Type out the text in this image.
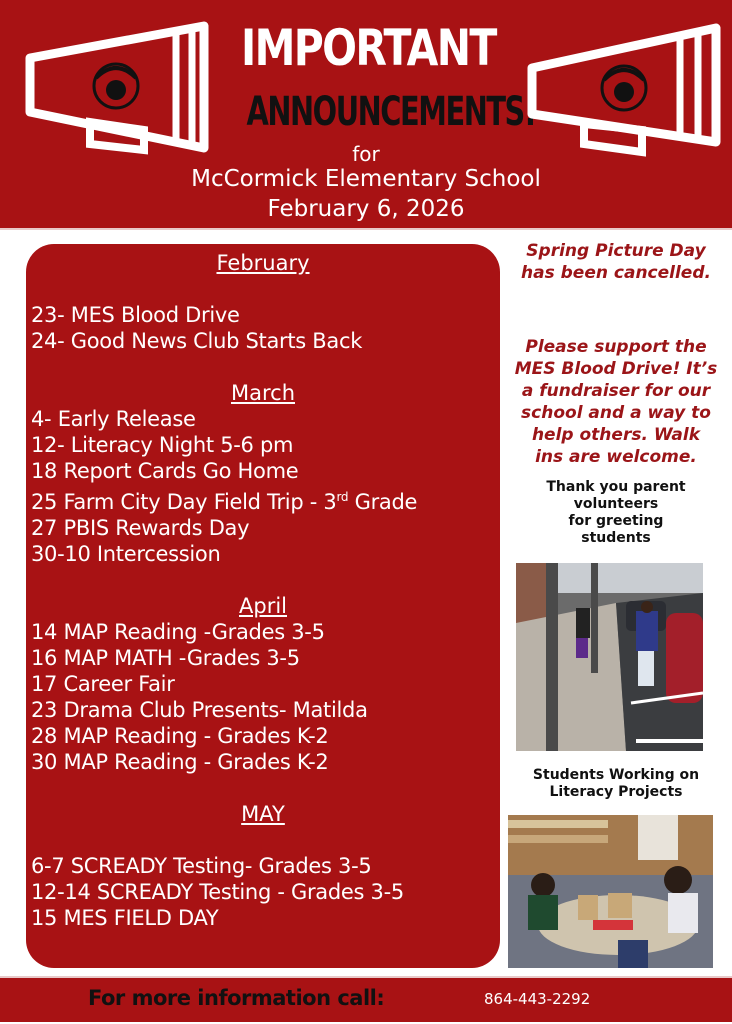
IMPORTANT
ANNOUNCEMENTS!
for
McCormick Elementary School
February 6, 2026
February
23- MES Blood Drive
24- Good News Club Starts Back
March
4- Early Release
12- Literacy Night 5-6 pm
18 Report Cards Go Home
25 Farm City Day Field Trip - 3rd Grade
27 PBIS Rewards Day
30-10 Intercession
April
14 MAP Reading -Grades 3-5
16 MAP MATH -Grades 3-5
17 Career Fair
23 Drama Club Presents- Matilda
28 MAP Reading - Grades K-2
30 MAP Reading - Grades K-2
MAY
6-7 SCREADY Testing- Grades 3-5
12-14 SCREADY Testing - Grades 3-5
15 MES FIELD DAY
Spring Picture Day
has been cancelled.
Please support the
MES Blood Drive! It’s
a fundraiser for our
school and a way to
help others. Walk
ins are welcome.
Thank you parent
volunteers
for greeting
students
Students Working on
Literacy Projects
For more information call:	864-443-2292
